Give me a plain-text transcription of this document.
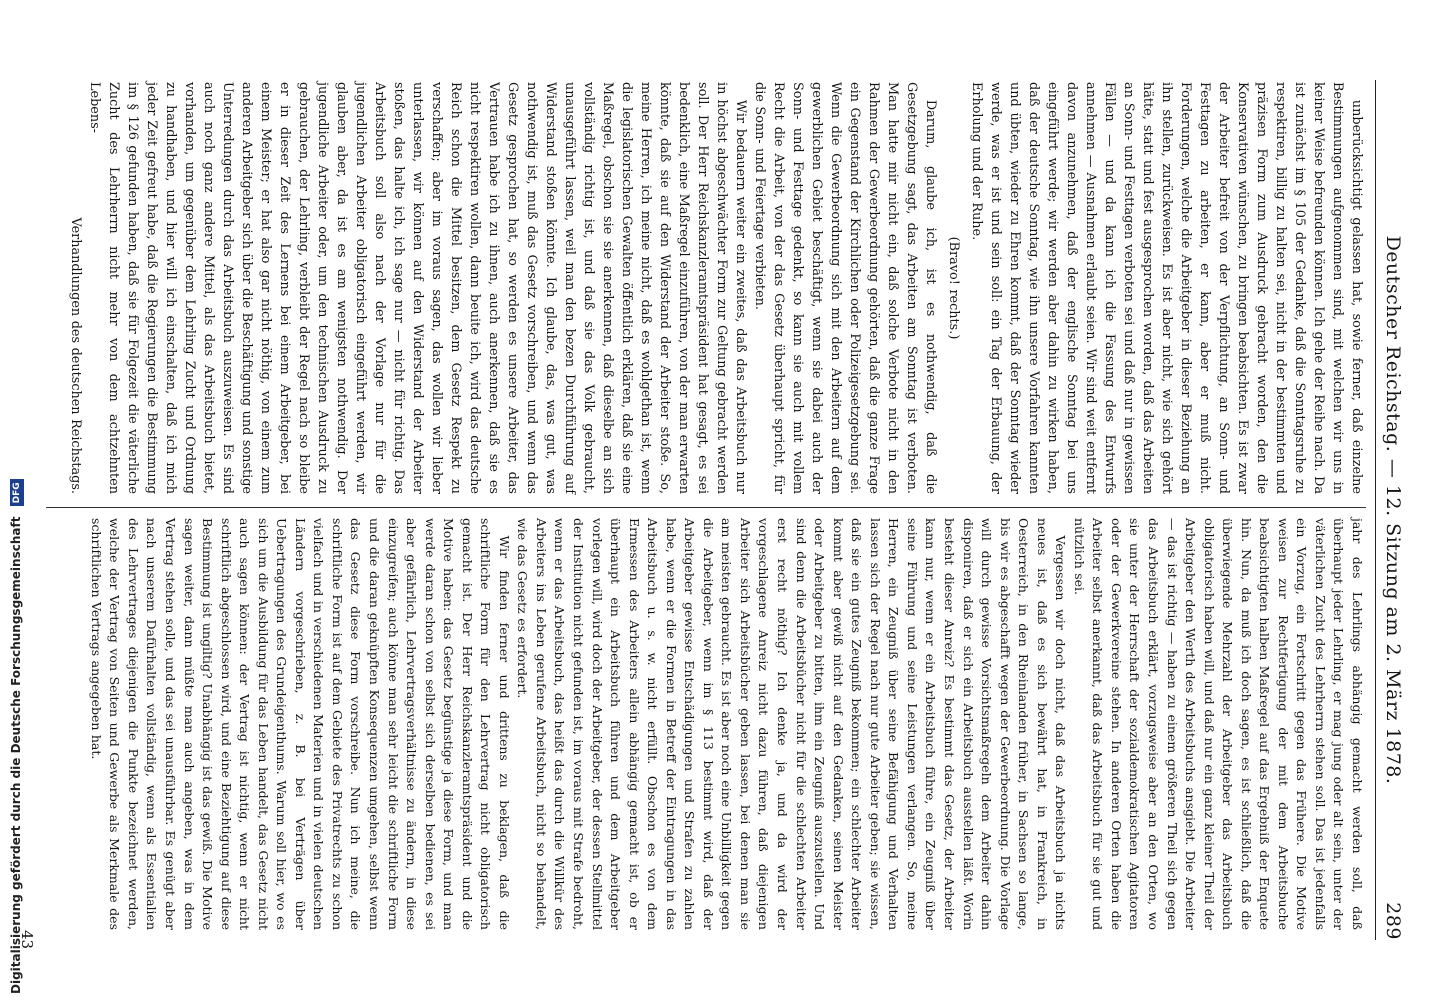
Deutscher Reichstag. — 12. Sitzung am 2. März 1878.
289

unberücksichtigt gelassen hat, sowie ferner, daß einzelne Bestimmungen aufgenommen sind, mit welchen wir uns in keiner Weise befreunden können. Ich gehe der Reihe nach. Da ist zunächst im § 105 der Gedanke, daß die Sonntagsruhe zu respektiren, billig zu halten sei, nicht in der bestimmten und präzisen Form zum Ausdruck gebracht worden, den die Konservativen wünschen, zu bringen beabsichten. Es ist zwar der Arbeiter befreit von der Verpflichtung, an Sonn- und Festtagen zu arbeiten, er kann, aber er muß nicht. Forderungen, welche die Arbeitgeber in dieser Beziehung an ihn stellen, zurückweisen. Es ist aber nicht, wie sich gehört hätte, statt und fest ausgesprochen worden, daß das Arbeiten an Sonn- und Festtagen verboten sei und daß nur in gewissen Fällen — und da kann ich die Fassung des Entwurfs annehmen — Ausnahmen erlaubt seien. Wir sind weit entfernt davon anzunehmen, daß der englische Sonntag bei uns eingeführt werde; wir werden aber dahin zu wirken haben, daß der deutsche Sonntag, wie ihn unsere Vorfahren kannten und übten, wieder zu Ehren kommt, daß der Sonntag wieder werde, was er ist und sein soll: ein Tag der Erbauung, der Erholung und der Ruhe.

(Bravo! rechts.)

Darum, glaube ich, ist es nothwendig, daß die Gesetzgebung sagt, das Arbeiten am Sonntag ist verboten. Man hatte mir nicht ein, daß solche Verbote nicht in den Rahmen der Gewerbeordnung gehörten, daß die ganze Frage ein Gegenstand der Kirchlichen oder Polizeigesetzgebung sei. Wenn die Gewerbeordnung sich mit den Arbeitern auf dem gewerblichen Gebiet beschäftigt, wenn sie dabei auch der Sonn- und Festtage gedenkt, so kann sie auch mit vollem Recht die Arbeit, von der das Gesetz überhaupt spricht, für die Sonn- und Feiertage verbieten.

Wir bedauern weiter ein zweites, daß das Arbeitsbuch nur in höchst abgeschwächter Form zur Geltung gebracht werden soll. Der Herr Reichskanzleramtspräsident hat gesagt, es sei bedenklich, eine Maßregel einzuführen, von der man erwarten könnte, daß sie auf den Widerstand der Arbeiter stoße. So, meine Herren, ich meine nicht, daß es wohlgethan ist, wenn die legislatorischen Gewalten öffentlich erklären, daß sie eine Maßregel, obschon sie sie anerkennen, daß dieselbe an sich vollständig richtig ist, und daß sie das Volk gebraucht, unausgeführt lassen, weil man den bezen Durchführung auf Widerstand stoßen könnte. Ich glaube, das, was gut, was nothwendig ist, muß das Gesetz vorschreiben, und wenn das Gesetz gesprochen hat, so werden es unsere Arbeiter, das Vertrauen habe ich zu ihnen, auch anerkennen, daß sie es nicht respektiren wollen, dann beuite ich, wird das deutsche Reich schon die Mittel besitzen, dem Gesetz Respekt zu verschaffen; aber im voraus sagen, das wollen wir lieber unterlassen, wir können auf den Widerstand der Arbeiter stoßen, das halte ich, ich sage nur — nicht für richtig. Das Arbeitsbuch soll also nach der Vorlage nur für die jugendlichen Arbeiter obligatorisch eingeführt werden, wir glauben aber, da ist es am wenigsten nothwendig. Der jugendliche Arbeiter oder, um den technischen Ausdruck zu gebrauchen, der Lehrling, verbleibt der Regel nach so bleibe er in dieser Zeit des Lernens bei einem Arbeitgeber, bei einem Meister; er hat also gar nicht nöthig, von einem zum anderen Arbeitgeber sich über die Beschäftigung und sonstige Unterredungen durch das Arbeitsbuch auszuweisen. Es sind auch noch ganz andere Mittel, als das Arbeitsbuch bietet, vorhanden, um gegenüber dem Lehrling Zucht und Ordnung zu handhaben, und hier will ich einschalten, daß ich mich jeder Zeit gefreut habe, daß die Regierungen die Bestimmung im § 126 gefunden haben, daß sie für Folgezeit die väterliche Zucht des Lehrherrn nicht mehr von dem achtzehnten Lebens-

Verhandlungen des deutschen Reichstags.

jahr des Lehrlings abhängig gemacht werden soll, daß überhaupt jeder Lehrling, er mag jung oder alt sein, unter der väterlichen Zucht des Lehrherrn stehen soll. Das ist jedenfalls ein Vorzug, ein Fortschritt gegen das Frühere. Die Motive weisen zur Rechtfertigung der mit dem Arbeitsbuche beabsichtigten halben Maßregel auf das Ergebniß der Enquete hin. Nun, da muß ich doch sagen, es ist schließlich, daß die überwiegende Mehrzahl der Arbeitgeber das Arbeitsbuch obligatorisch haben will, und daß nur ein ganz kleiner Theil der Arbeitgeber den Werth des Arbeitsbuchs ansgiebt. Die Arbeiter — das ist richtig — haben zu einem größeren Theil sich gegen das Arbeitsbuch erklärt, vorzugsweise aber an den Orten, wo sie unter der Herrschaft der sozialdemokratischen Agitatoren oder der Gewerkvereine stehen. In anderen Orten haben die Arbeiter selbst anerkannt, daß das Arbeitsbuch für sie gut und nützlich sei.

Vergessen wir doch nicht, daß das Arbeitsbuch ja nichts neues ist, daß es sich bewährt hat, in Frankreich, in Oesterreich, in den Rheinlanden früher, in Sachsen so lange, bis wir es abgeschafft wegen der Gewerbeordnung. Die Vorlage will durch gewisse Vorsichtsmaßregeln dem Arbeiter dahin disponiren, daß er sich ein Arbeitsbuch ausstellen läßt. Worin besteht dieser Anreiz? Es bestimmt das Gesetz, der Arbeiter kann nur, wenn er ein Arbeitsbuch führe, ein Zeugniß über seine Führung und seine Leistungen verlangen. So, meine Herren, ein Zeugniß über seine Befähigung und Verhalten lassen sich der Regel nach nur gute Arbeiter geben; sie wissen, daß sie ein gutes Zeugniß bekommen; ein schlechter Arbeiter kommt aber gewiß nicht auf den Gedanken, seinen Meister oder Arbeitgeber zu bitten, ihm ein Zeugniß auszustellen. Und sind denn die Arbeitsbücher nicht für die schlechten Arbeiter erst recht nöthig? Ich denke ja, und da wird der vorgeschlagene Anreiz nicht dazu führen, daß diejenigen Arbeiter sich Arbeitsbücher geben lassen, bei denen man sie am meisten gebraucht. Es ist aber noch eine Unbilligkeit gegen die Arbeitgeber, wenn im § 113 bestimmt wird, daß der Arbeitgeber gewisse Entschädigungen und Strafen zu zahlen habe, wenn er die Formen in Betreff der Eintragungen in das Arbeitsbuch u. s. w. nicht erfüllt. Obschon es von dem Ermessen des Arbeiters allein abhängig gemacht ist, ob er überhaupt ein Arbeitsbuch führen und dem Arbeitgeber vorlegen will, wird doch der Arbeitgeber, der dessen Stellmittel der Institution nicht gefunden ist, im voraus mit Strafe bedroht, wenn er das Arbeitsbuch, das heißt das durch die Willkür des Arbeiters ins Leben gerufene Arbeitsbuch, nicht so behandelt, wie das Gesetz es erfordert.

Wir finden ferner und drittens zu beklagen, daß die schriftliche Form für den Lehrvertrag nicht obligatorisch gemacht ist. Der Herr Reichskanzleramtspräsident und die Motive haben: das Gesetz begünstige ja diese Form, und man werde daran schon von selbst sich derselben bedienen, es sei aber gefährlich, Lehrvertragsverhältnisse zu ändern, in diese einzugreifen; auch könne man sehr leicht die schriftliche Form und die daran geknüpften Konsequenzen umgehen, selbst wenn das Gesetz diese Form vorschreibe. Nun ich meine, die schriftliche Form ist auf dem Gebiete des Privatrechts zu schon vielfach und in verschiedenen Materien und in vielen deutschen Ländern vorgeschrieben, z. B. bei Verträgen über Uebertragungen des Grundeigenthums. Warum soll hier, wo es sich um die Ausbildung für das Leben handelt, das Gesetz nicht auch sagen können: der Vertrag ist nichtig, wenn er nicht schriftlich abgeschlossen wird, und eine Beziehtigung auf diese Bestimmung ist ungiltig? Unabhängig ist das gewiß. Die Motive sagen weiter, dann müßte man auch angeben, was in dem Vertrag stehen solle, und das sei unausführbar. Es genügt aber nach unserem Dafürhalten vollständig, wenn als Essentialien des Lehrvertrages diejenigen die Punkte bezeichnet werden, welche der Vertrag von Seiten und Gewerbe als Merkmale des schriftlichen Vertrags angegeben hat.

43
Digitalisierung gefördert durch die Deutsche Forschungsgemeinschaft DFG
